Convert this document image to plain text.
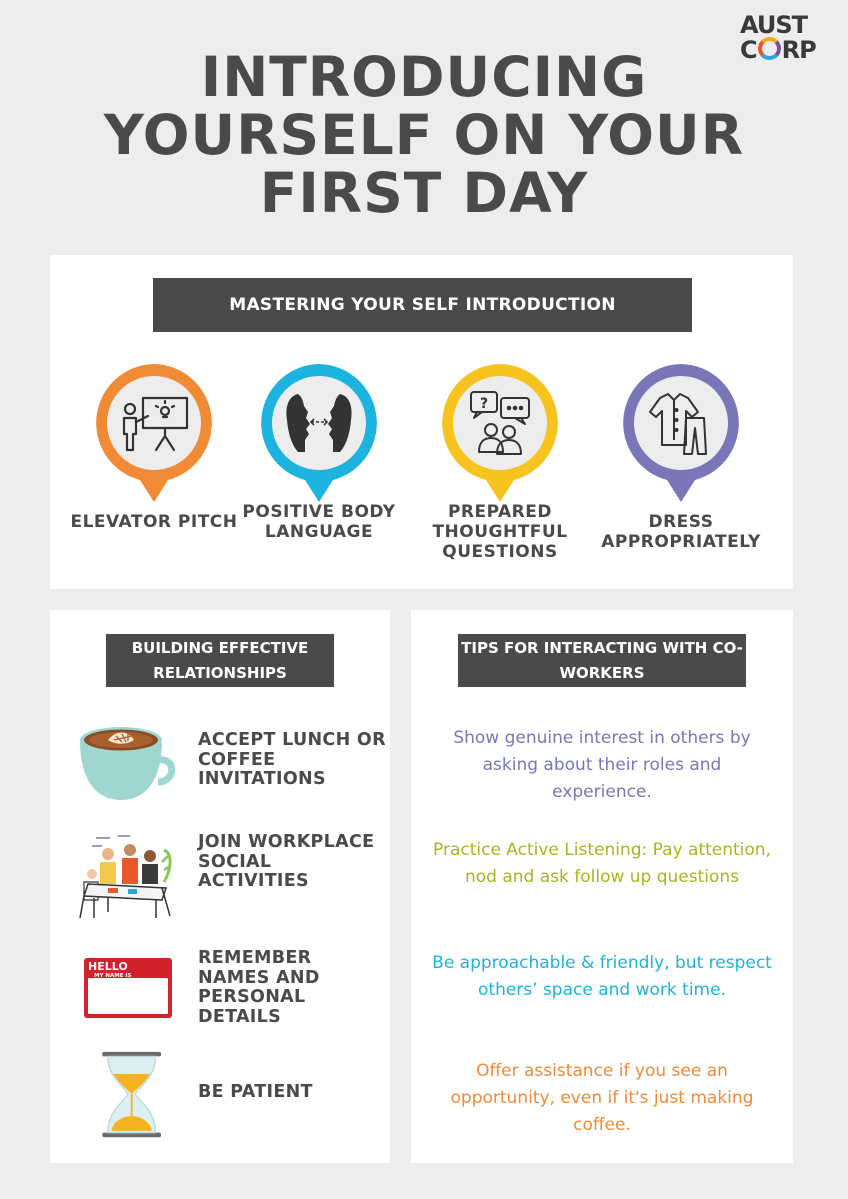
AUST
C RP
INTRODUCING YOURSELF ON YOUR FIRST DAY
MASTERING YOUR SELF INTRODUCTION
ELEVATOR PITCH POSITIVE BODY LANGUAGE
?
PREPARED THOUGHTFUL QUESTIONS
DRESS APPROPRIATELY
BUILDING EFFECTIVE RELATIONSHIPS
ACCEPT LUNCH OR COFFEE INVITATIONS
JOIN WORKPLACE SOCIAL ACTIVITIES
HELLO
MY NAME IS
REMEMBER NAMES AND PERSONAL DETAILS
BE PATIENT
TIPS FOR INTERACTING WITH CO-WORKERS

Show genuine interest in others by asking about their roles and experience.

Practice Active Listening: Pay attention, nod and ask follow up questions

Be approachable & friendly, but respect others’ space and work time.

Offer assistance if you see an opportunity, even if it's just making coffee.
